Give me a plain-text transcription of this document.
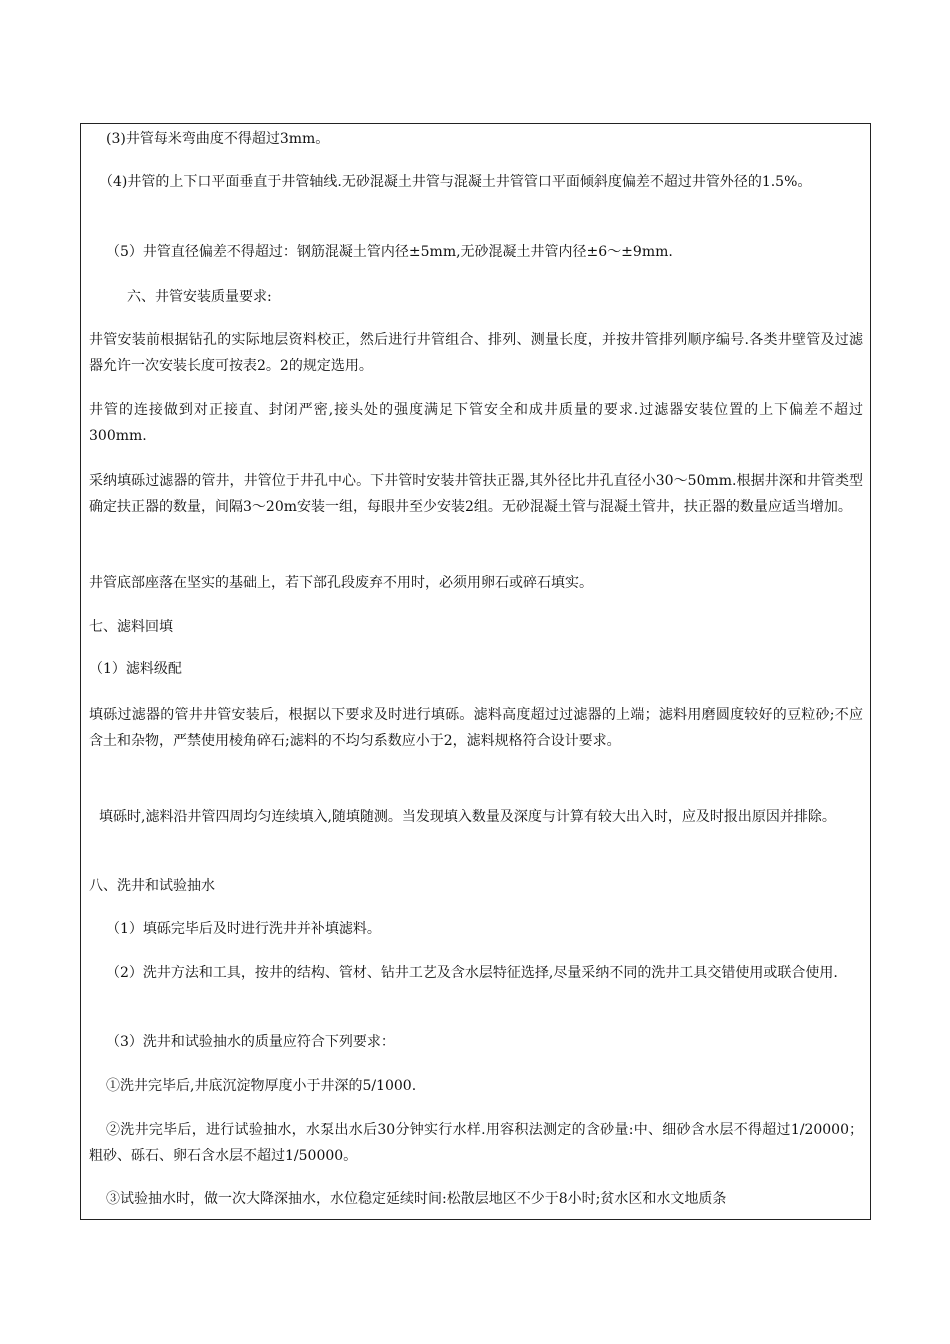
(3)井管每米弯曲度不得超过3mm。

（4)井管的上下口平面垂直于井管轴线.无砂混凝土井管与混凝土井管管口平面倾斜度偏差不超过井管外径的1.5%。

（5）井管直径偏差不得超过：钢筋混凝土管内径±5mm,无砂混凝土井管内径±6～±9mm.

六、井管安装质量要求:

井管安装前根据钻孔的实际地层资料校正，然后进行井管组合、排列、测量长度，并按井管排列顺序编号.各类井壁管及过滤器允许一次安装长度可按表2。2的规定选用。

井管的连接做到对正接直、封闭严密,接头处的强度满足下管安全和成井质量的要求.过滤器安装位置的上下偏差不超过300mm.

采纳填砾过滤器的管井，井管位于井孔中心。下井管时安装井管扶正器,其外径比井孔直径小30～50mm.根据井深和井管类型确定扶正器的数量，间隔3～20m安装一组，每眼井至少安装2组。无砂混凝土管与混凝土管井，扶正器的数量应适当增加。

井管底部座落在坚实的基础上，若下部孔段废弃不用时，必须用卵石或碎石填实。

七、滤料回填

（1）滤料级配

填砾过滤器的管井井管安装后，根据以下要求及时进行填砾。滤料高度超过过滤器的上端；滤料用磨圆度较好的豆粒砂;不应含土和杂物，严禁使用棱角碎石;滤料的不均匀系数应小于2，滤料规格符合设计要求。

填砾时,滤料沿井管四周均匀连续填入,随填随测。当发现填入数量及深度与计算有较大出入时，应及时报出原因并排除。

八、洗井和试验抽水

（1）填砾完毕后及时进行洗井并补填滤料。

（2）洗井方法和工具，按井的结构、管材、钻井工艺及含水层特征选择,尽量采纳不同的洗井工具交错使用或联合使用.

（3）洗井和试验抽水的质量应符合下列要求：

①洗井完毕后,井底沉淀物厚度小于井深的5/1000.

②洗井完毕后，进行试验抽水，水泵出水后30分钟实行水样.用容积法测定的含砂量:中、细砂含水层不得超过1/20000；粗砂、砾石、卵石含水层不超过1/50000。

③试验抽水时，做一次大降深抽水，水位稳定延续时间:松散层地区不少于8小时;贫水区和水文地质条
